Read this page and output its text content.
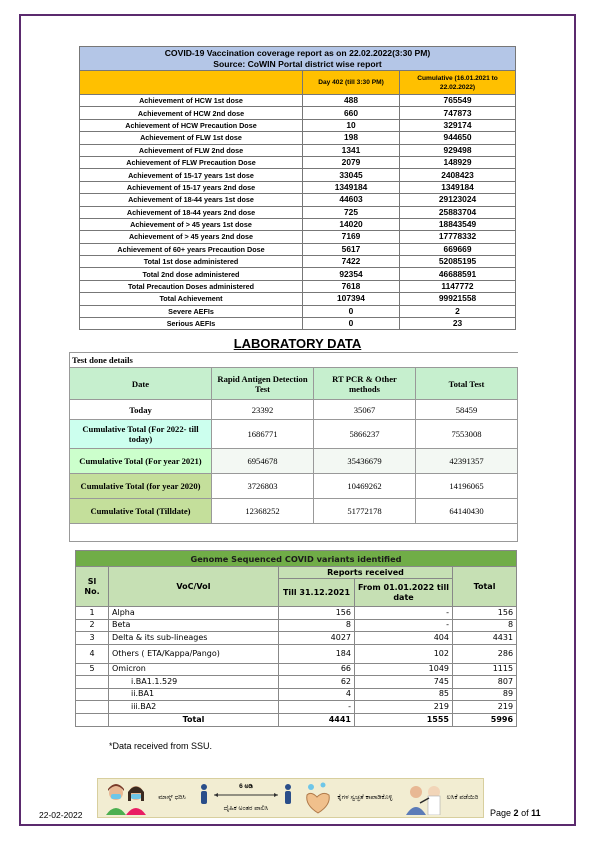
COVID-19 Vaccination coverage report as on 22.02.2022(3:30 PM)
Source: CoWIN Portal district wise report		

	Day 402 (till 3:30 PM)	Cumulative (16.01.2021 to 22.02.2022)
Achievement of HCW 1st dose	488	765549
Achievement of HCW 2nd dose	660	747873
Achievement of HCW Precaution Dose	10	329174
Achievement of FLW 1st dose	198	944650
Achievement of FLW 2nd dose	1341	929498
Achievement of FLW Precaution Dose	2079	148929
Achievement of 15-17 years 1st dose	33045	2408423
Achievement of 15-17 years 2nd dose	1349184	1349184
Achievement of 18-44 years 1st dose	44603	29123024
Achievement of 18-44 years 2nd dose	725	25883704
Achievement of > 45 years 1st dose	14020	18843549
Achievement of > 45 years 2nd dose	7169	17778332
Achievement of 60+ years Precaution Dose	5617	669669
Total 1st dose administered	7422	52085195
Total 2nd dose administered	92354	46688591
Total Precaution Doses administered	7618	1147772
Total Achievement	107394	99921558
Severe AEFIs	0	2
Serious AEFIs	0	23
LABORATORY DATA
Test done details			
Date	Rapid Antigen Detection Test	RT PCR & Other methods	Total Test
Today	23392	35067	58459
Cumulative Total (For 2022- till today)	1686771	5866237	7553008
Cumulative Total (For year 2021)	6954678	35436679	42391357
Cumulative Total (for year 2020)	3726803	10469262	14196065
Cumulative Total (Tilldate)	12368252	51772178	64140430

Genome Sequenced COVID variants identified				
Sl No.	VoC/VoI	Reports received		Total
		Till 31.12.2021	From 01.01.2022 till date	
1	Alpha	156	-	156
2	Beta	8	-	8
3	Delta & its sub-lineages	4027	404	4431
4	Others ( ETA/Kappa/Pango)	184	102	286
5	Omicron	66	1049	1115
	i.BA1.1.529	62	745	807
	ii.BA1	4	85	89
	iii.BA2	-	219	219
	Total	4441	1555	5996
*Data received from SSU.
ಮಾಸ್ಕ್ ಧರಿಸಿ
6 ಅಡಿ
ದೈಹಿಕ ಅಂತರ ಪಾಲಿಸಿ
ಕೈಗಳ ಸ್ವಚ್ಛತೆ ಕಾಪಾಡಿಕೊಳ್ಳಿ	ಲಸಿಕೆ ಪಡೆಯಿರಿ
22-02-2022	Page 2 of 11
